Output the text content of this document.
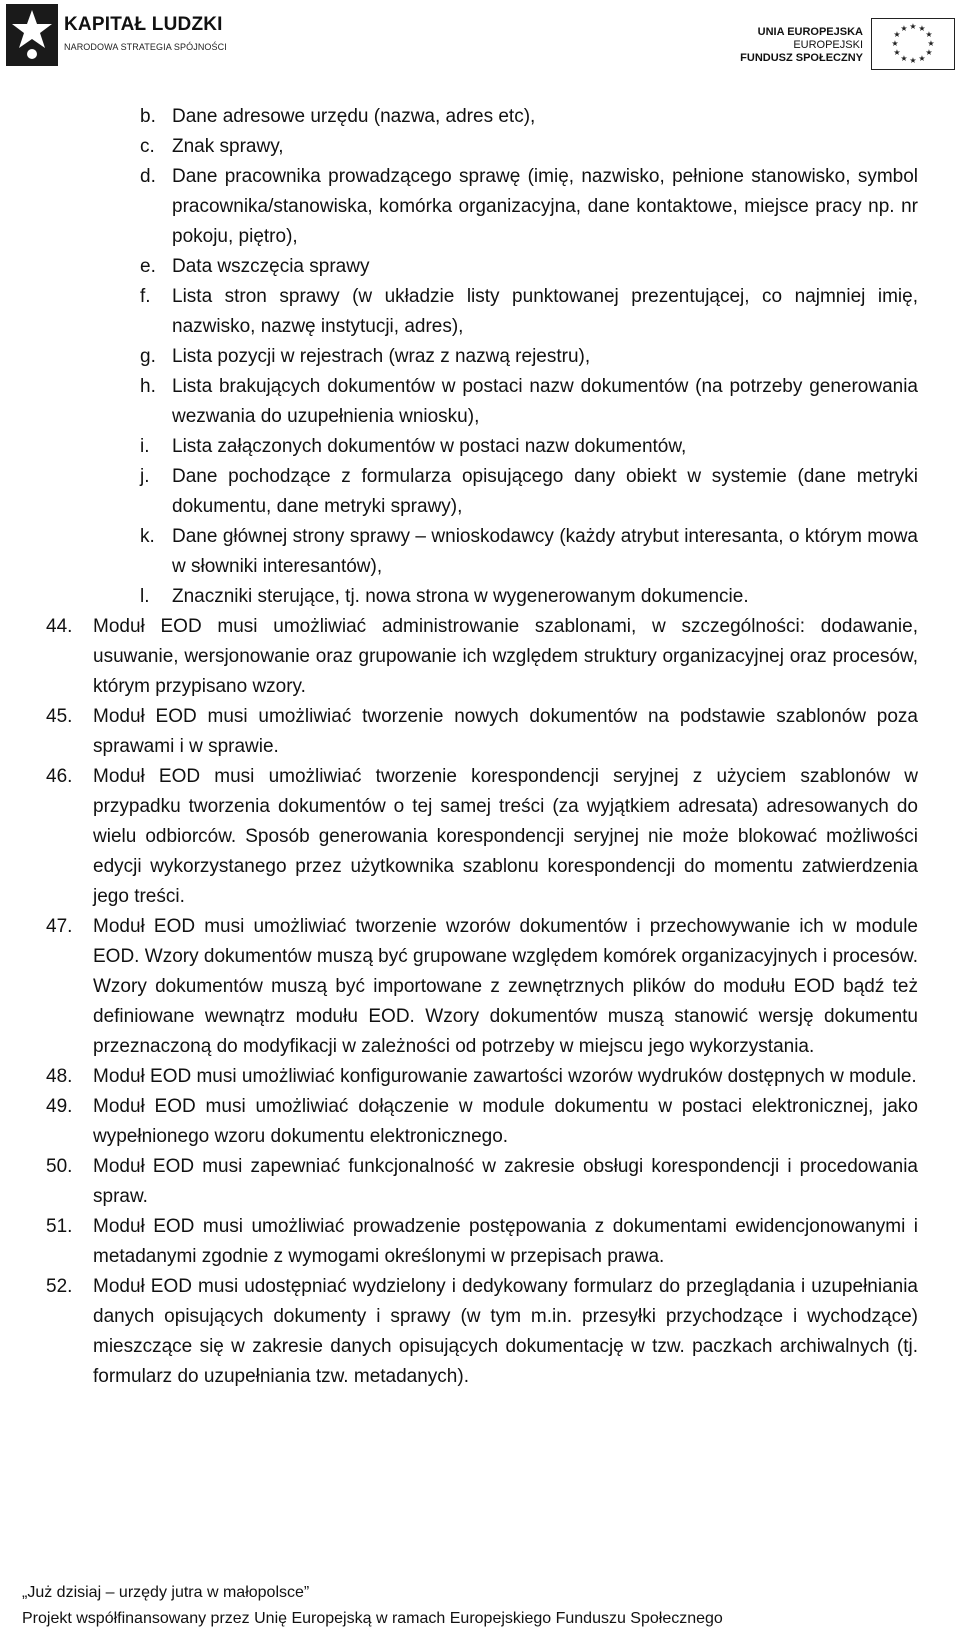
KAPITAŁ LUDZKI
NARODOWA STRATEGIA SPÓJNOŚCI
UNIA EUROPEJSKA
EUROPEJSKI
FUNDUSZ SPOŁECZNY
★ ★
★
★
★
★
★
★
★
★
★
★
b. Dane adresowe urzędu (nazwa, adres etc),
c. Znak sprawy,
d. Dane pracownika prowadzącego sprawę (imię, nazwisko, pełnione stanowisko, symbol pracownika/stanowiska, komórka organizacyjna, dane kontaktowe, miejsce pracy np. nr pokoju, piętro),
e. Data wszczęcia sprawy
f. Lista stron sprawy (w układzie listy punktowanej prezentującej, co najmniej imię, nazwisko, nazwę instytucji, adres),
g. Lista pozycji w rejestrach (wraz z nazwą rejestru),
h. Lista brakujących dokumentów w postaci nazw dokumentów (na potrzeby generowania wezwania do uzupełnienia wniosku),
i. Lista załączonych dokumentów w postaci nazw dokumentów,
j. Dane pochodzące z formularza opisującego dany obiekt w systemie (dane metryki dokumentu, dane metryki sprawy),
k. Dane głównej strony sprawy – wnioskodawcy (każdy atrybut interesanta, o którym mowa w słowniki interesantów),
l. Znaczniki sterujące, tj. nowa strona w wygenerowanym dokumencie.
44. Moduł EOD musi umożliwiać administrowanie szablonami, w szczególności: dodawanie, usuwanie, wersjonowanie oraz grupowanie ich względem struktury organizacyjnej oraz procesów, którym przypisano wzory.
45. Moduł EOD musi umożliwiać tworzenie nowych dokumentów na podstawie szablonów poza sprawami i w sprawie.
46. Moduł EOD musi umożliwiać tworzenie korespondencji seryjnej z użyciem szablonów w przypadku tworzenia dokumentów o tej samej treści (za wyjątkiem adresata) adresowanych do wielu odbiorców. Sposób generowania korespondencji seryjnej nie może blokować możliwości edycji wykorzystanego przez użytkownika szablonu korespondencji do momentu zatwierdzenia jego treści.
47. Moduł EOD musi umożliwiać tworzenie wzorów dokumentów i przechowywanie ich w module EOD. Wzory dokumentów muszą być grupowane względem komórek organizacyjnych i procesów. Wzory dokumentów muszą być importowane z zewnętrznych plików do modułu EOD bądź też definiowane wewnątrz modułu EOD. Wzory dokumentów muszą stanowić wersję dokumentu przeznaczoną do modyfikacji w zależności od potrzeby w miejscu jego wykorzystania.
48. Moduł EOD musi umożliwiać konfigurowanie zawartości wzorów wydruków dostępnych w module.
49. Moduł EOD musi umożliwiać dołączenie w module dokumentu w postaci elektronicznej, jako wypełnionego wzoru dokumentu elektronicznego.
50. Moduł EOD musi zapewniać funkcjonalność w zakresie obsługi korespondencji i procedowania spraw.
51. Moduł EOD musi umożliwiać prowadzenie postępowania z dokumentami ewidencjonowanymi i metadanymi zgodnie z wymogami określonymi w przepisach prawa.
52. Moduł EOD musi udostępniać wydzielony i dedykowany formularz do przeglądania i uzupełniania danych opisujących dokumenty i sprawy (w tym m.in. przesyłki przychodzące i wychodzące) mieszczące się w zakresie danych opisujących dokumentację w tzw. paczkach archiwalnych (tj. formularz do uzupełniania tzw. metadanych).
„Już dzisiaj – urzędy jutra w małopolsce”
Projekt współfinansowany przez Unię Europejską w ramach Europejskiego Funduszu Społecznego
